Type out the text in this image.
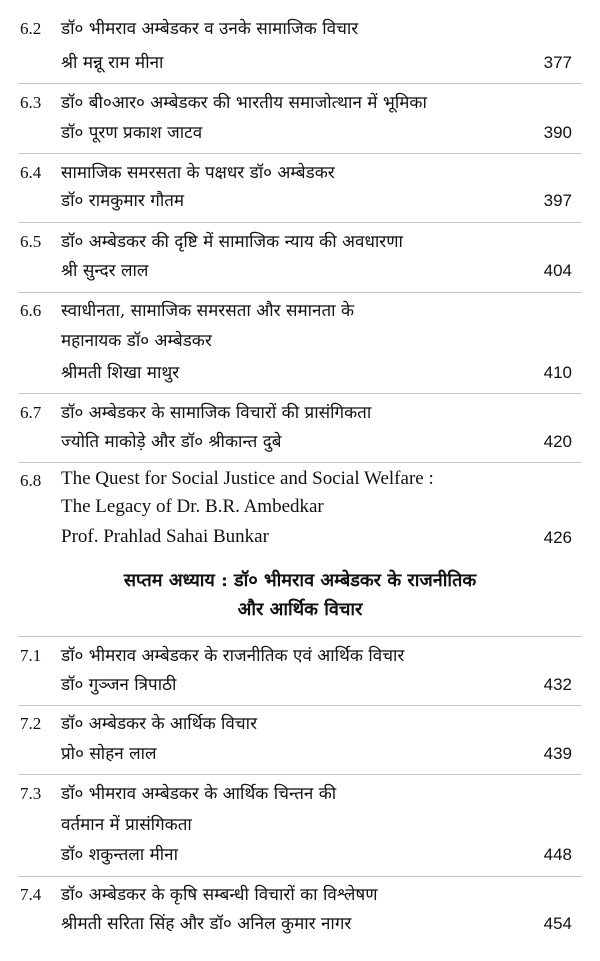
6.2 डॉ० भीमराव अम्बेडकर व उनके सामाजिक विचार
श्री मन्नू राम मीना	377
6.3 डॉ० बी०आर० अम्बेडकर की भारतीय समाजोत्थान में भूमिका
डॉ० पूरण प्रकाश जाटव	390
6.4 सामाजिक समरसता के पक्षधर डॉ० अम्बेडकर
डॉ० रामकुमार गौतम	397
6.5 डॉ० अम्बेडकर की दृष्टि में सामाजिक न्याय की अवधारणा
श्री सुन्दर लाल	404
6.6 स्वाधीनता, सामाजिक समरसता और समानता के
महानायक डॉ० अम्बेडकर
श्रीमती शिखा माथुर	410
6.7 डॉ० अम्बेडकर के सामाजिक विचारों की प्रासंगिकता
ज्योति माकोड़े और डॉ० श्रीकान्त दुबे	420
6.8 The Quest for Social Justice and Social Welfare :
The Legacy of Dr. B.R. Ambedkar
Prof. Prahlad Sahai Bunkar	426
सप्तम अध्याय : डॉ० भीमराव अम्बेडकर के राजनीतिक
और आर्थिक विचार
7.1 डॉ० भीमराव अम्बेडकर के राजनीतिक एवं आर्थिक विचार
डॉ० गुञ्जन त्रिपाठी	432
7.2 डॉ० अम्बेडकर के आर्थिक विचार
प्रो० सोहन लाल	439
7.3 डॉ० भीमराव अम्बेडकर के आर्थिक चिन्तन की
वर्तमान में प्रासंगिकता
डॉ० शकुन्तला मीना	448
7.4 डॉ० अम्बेडकर के कृषि सम्बन्धी विचारों का विश्लेषण
श्रीमती सरिता सिंह और डॉ० अनिल कुमार नागर	454
